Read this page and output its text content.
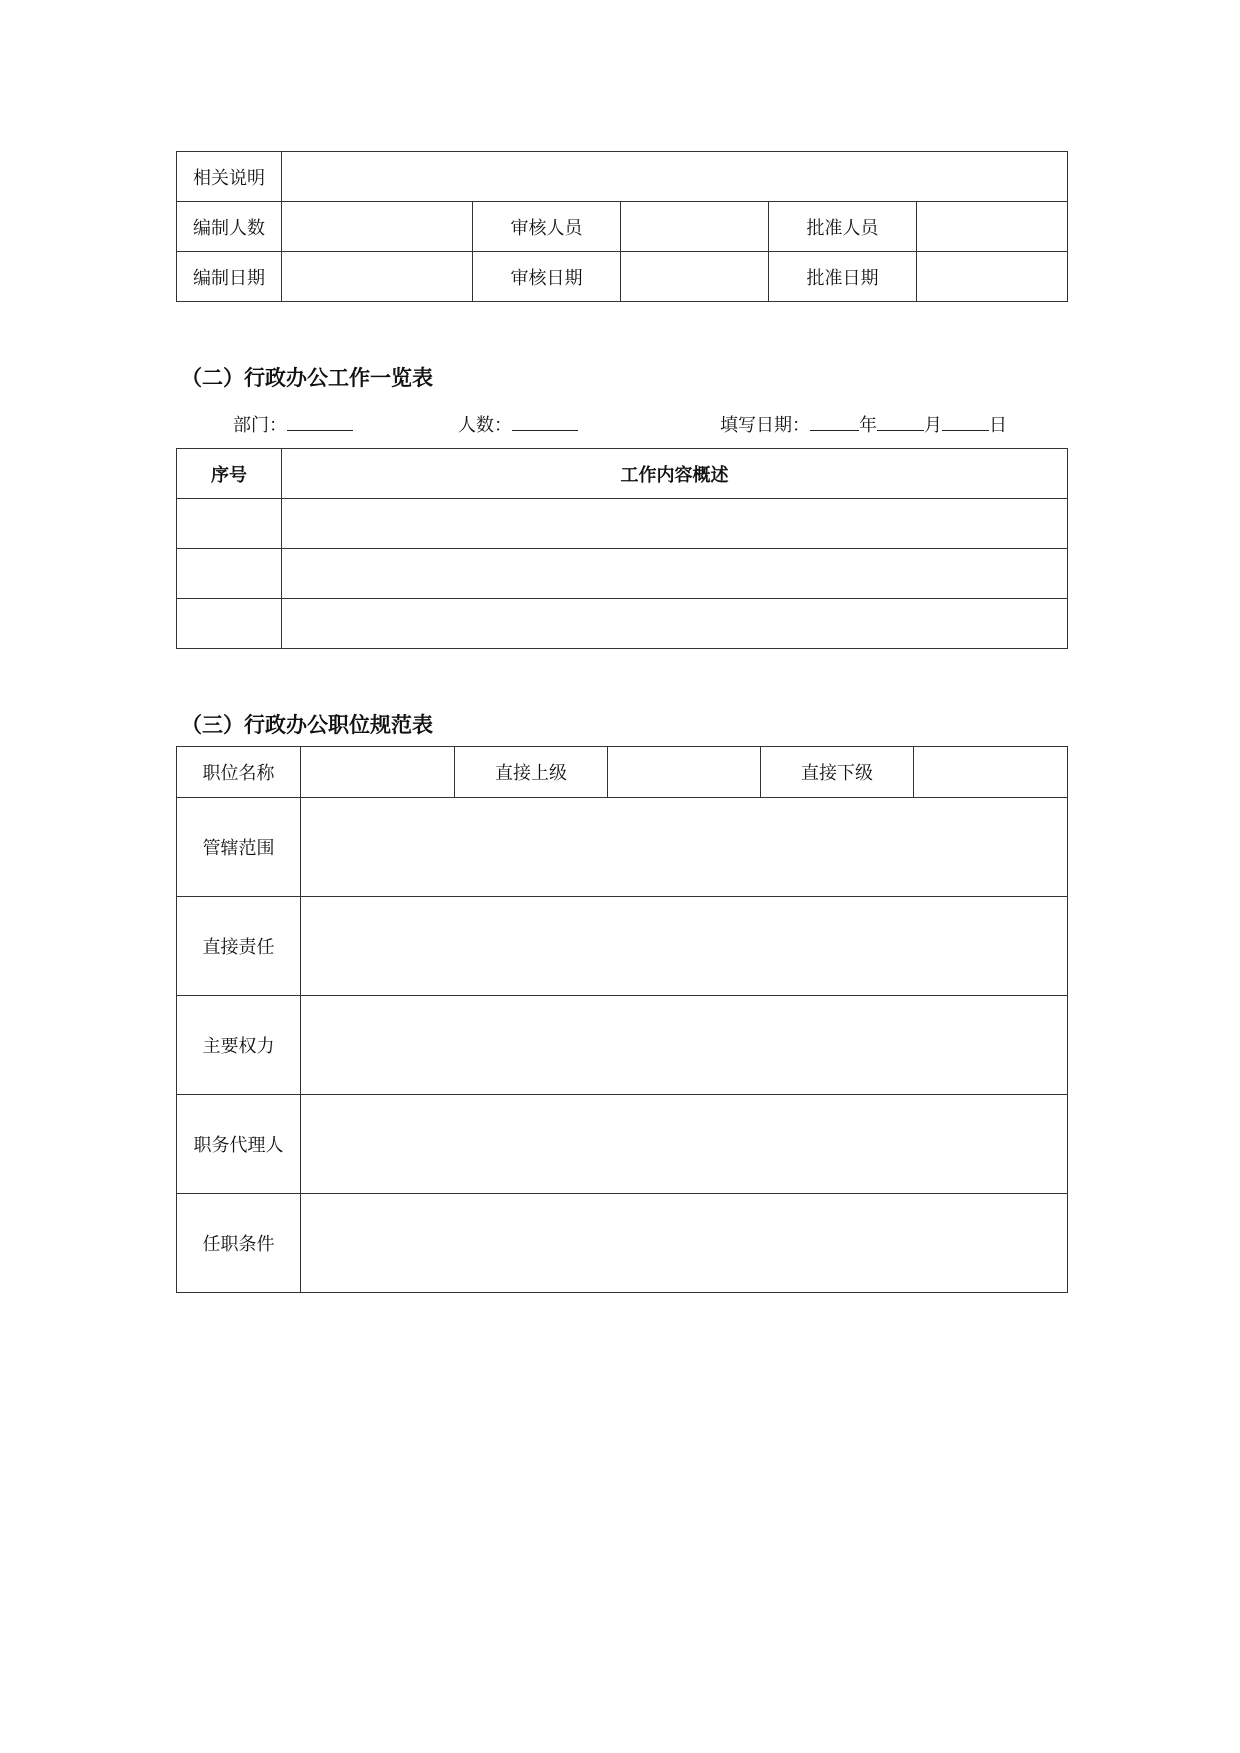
相关说明					
编制人数		审核人员		批准人员	
编制日期		审核日期		批准日期	
（二）行政办公工作一览表
部门：	人数：	填写日期：	年	月	日
序号	工作内容概述

（三）行政办公职位规范表
职位名称		直接上级		直接下级	
管辖范围					
直接责任					
主要权力					
职务代理人					
任职条件					
